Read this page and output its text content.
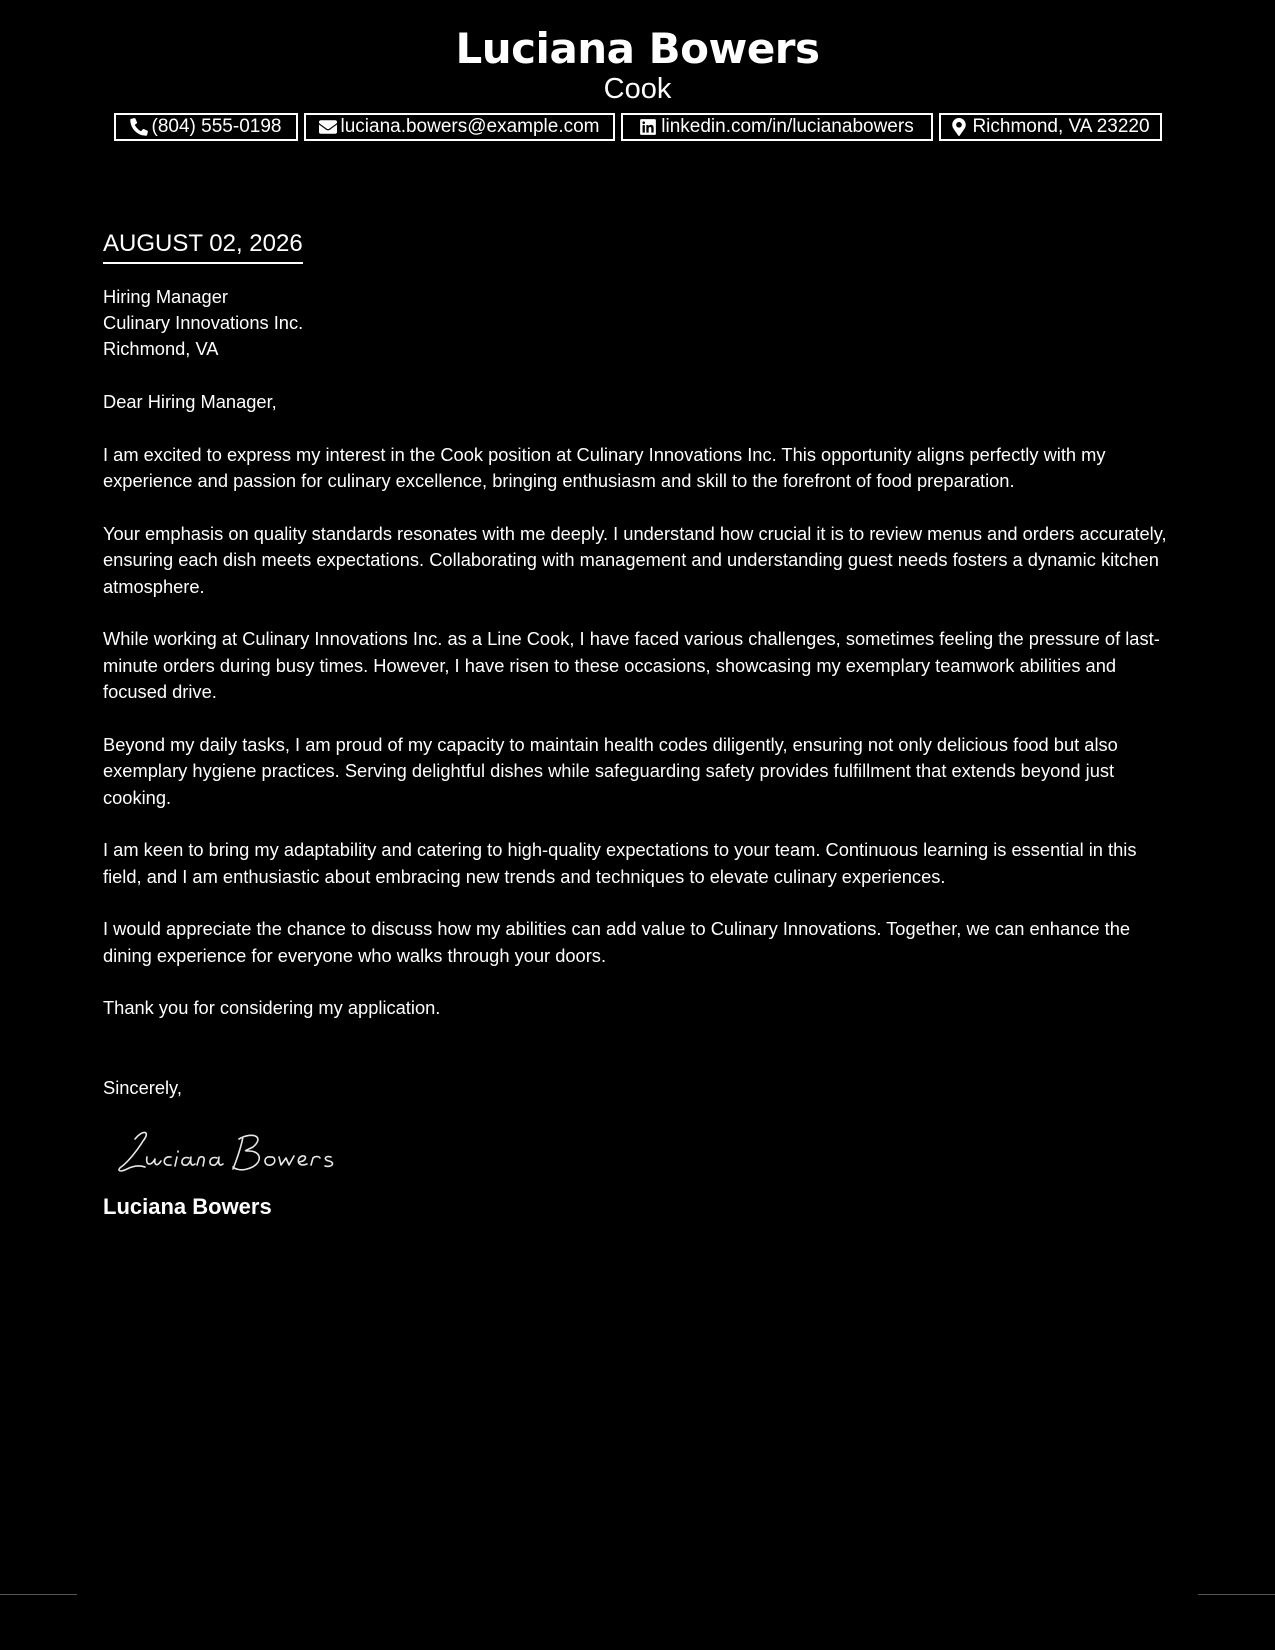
Luciana Bowers
Cook
(804) 555-0198	luciana.bowers@example.com	linkedin.com/in/lucianabowers	Richmond, VA 23220
AUGUST 02, 2026
Hiring Manager
Culinary Innovations Inc.
Richmond, VA
Dear Hiring Manager,

I am excited to express my interest in the Cook position at Culinary Innovations Inc. This opportunity aligns perfectly with my experience and passion for culinary excellence, bringing enthusiasm and skill to the forefront of food preparation.

Your emphasis on quality standards resonates with me deeply. I understand how crucial it is to review menus and orders accurately, ensuring each dish meets expectations. Collaborating with management and understanding guest needs fosters a dynamic kitchen atmosphere.

While working at Culinary Innovations Inc. as a Line Cook, I have faced various challenges, sometimes feeling the pressure of last-minute orders during busy times. However, I have risen to these occasions, showcasing my exemplary teamwork abilities and focused drive.

Beyond my daily tasks, I am proud of my capacity to maintain health codes diligently, ensuring not only delicious food but also exemplary hygiene practices. Serving delightful dishes while safeguarding safety provides fulfillment that extends beyond just cooking.

I am keen to bring my adaptability and catering to high-quality expectations to your team. Continuous learning is essential in this field, and I am enthusiastic about embracing new trends and techniques to elevate culinary experiences.

I would appreciate the chance to discuss how my abilities can add value to Culinary Innovations. Together, we can enhance the dining experience for everyone who walks through your doors.

Thank you for considering my application.

Sincerely,
Luciana Bowers
